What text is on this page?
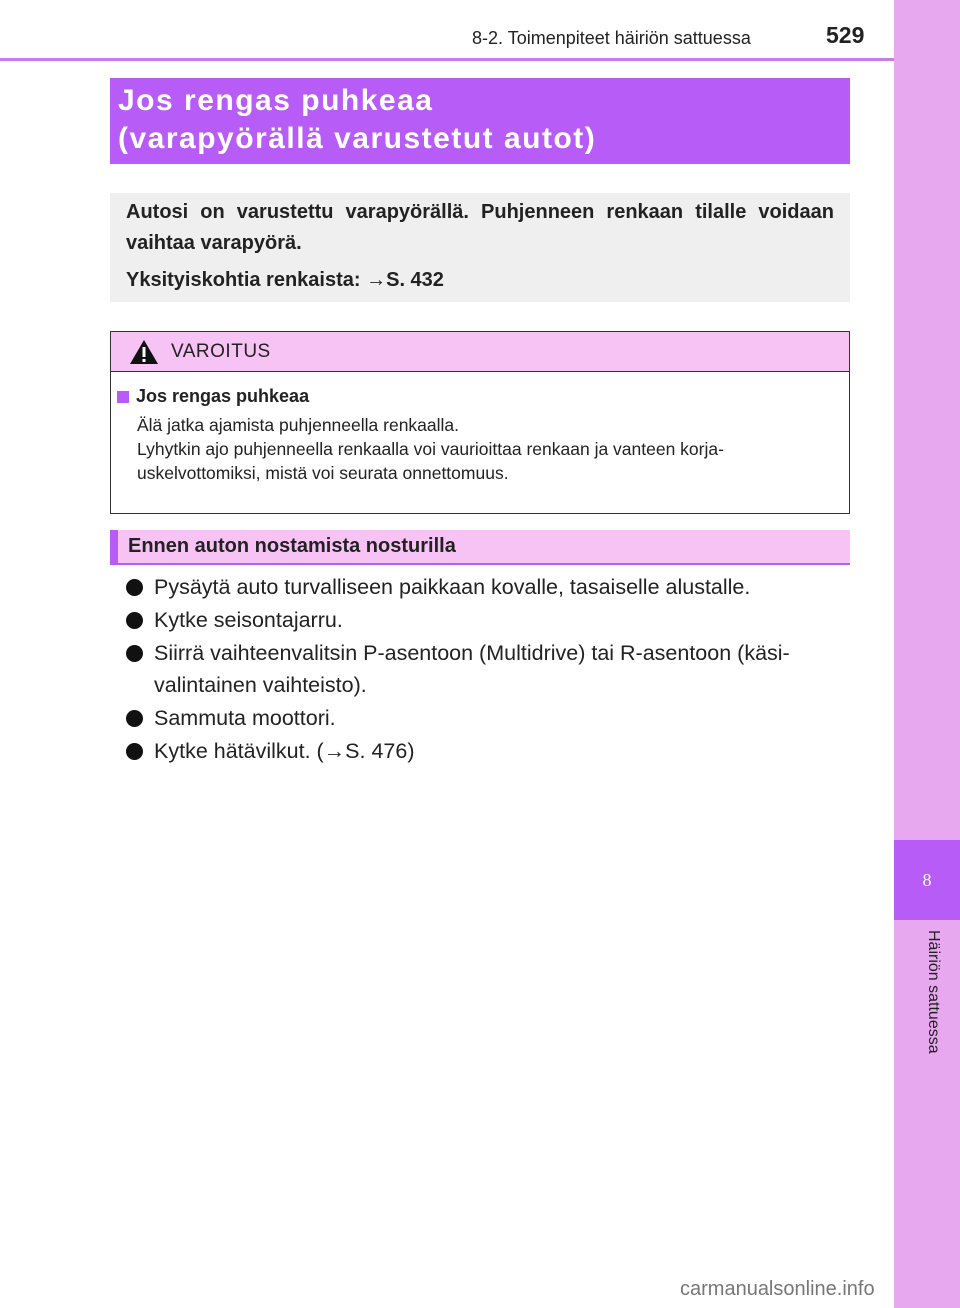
8-2. Toimenpiteet häiriön sattuessa	529
8
Häiriön sattuessa
Jos rengas puhkeaa
(varapyörällä varustetut autot)

Autosi on varustettu varapyörällä. Puhjenneen renkaan tilalle voidaan vaihtaa varapyörä.

Yksityiskohtia renkaista: →S. 432

VAROITUS
Jos rengas puhkeaa
Älä jatka ajamista puhjenneella renkaalla.
Lyhytkin ajo puhjenneella renkaalla voi vaurioittaa renkaan ja vanteen korja-
uskelvottomiksi, mistä voi seurata onnettomuus.
Ennen auton nostamista nosturilla
Pysäytä auto turvalliseen paikkaan kovalle, tasaiselle alustalle.
Kytke seisontajarru.
Siirrä vaihteenvalitsin P-asentoon (Multidrive) tai R-asentoon (käsi-valintainen vaihteisto).
Sammuta moottori.
Kytke hätävilkut. (→S. 476)
carmanualsonline.info
